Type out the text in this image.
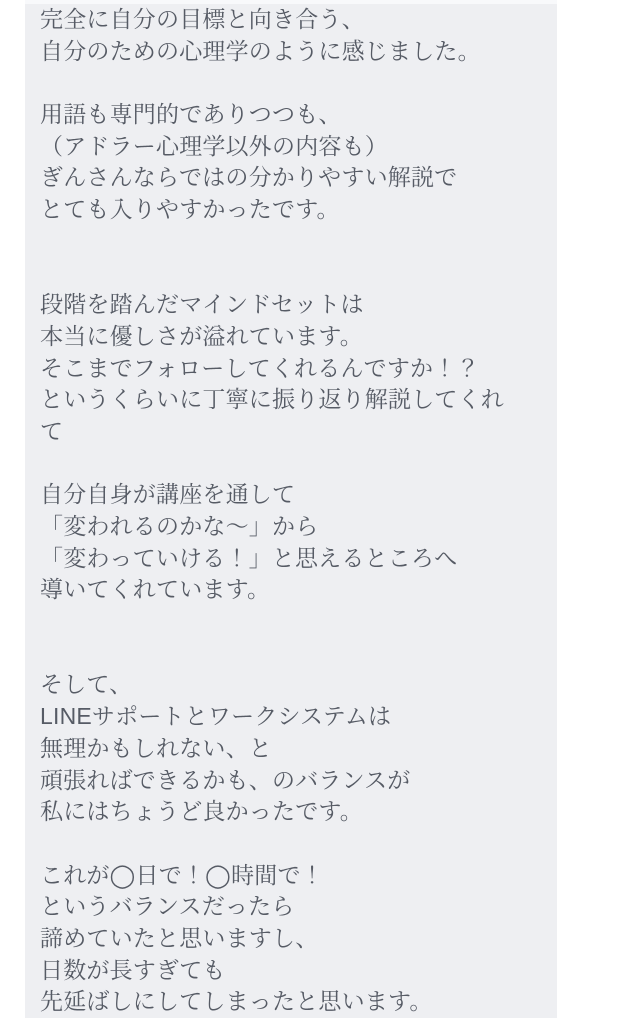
完全に自分の目標と向き合う、
自分のための心理学のように感じました。
用語も専門的でありつつも、
（アドラー心理学以外の内容も）
ぎんさんならではの分かりやすい解説で
とても入りやすかったです。
段階を踏んだマインドセットは
本当に優しさが溢れています。
そこまでフォローしてくれるんですか！？
というくらいに丁寧に振り返り解説してくれ
て
自分自身が講座を通して
「変われるのかな〜」から
「変わっていける！」と思えるところへ
導いてくれています。
そして、
LINEサポートとワークシステムは
無理かもしれない、と
頑張ればできるかも、のバランスが
私にはちょうど良かったです。
これが◯日で！◯時間で！
というバランスだったら
諦めていたと思いますし、
日数が長すぎても
先延ばしにしてしまったと思います。
